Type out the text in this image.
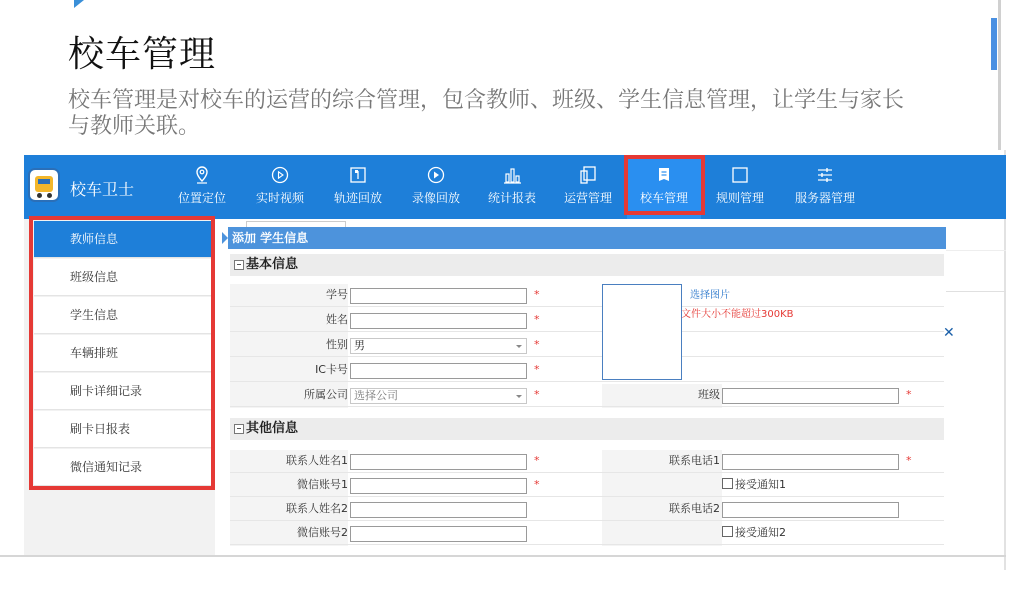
校车管理
校车管理是对校车的运营的综合管理，包含教师、班级、学生信息管理，让学生与家长与教师关联。
校车卫士	位置定位	实时视频	轨迹回放	录像回放	统计报表	运营管理	校车管理	规则管理	服务器管理
教师信息
班级信息
学生信息
车辆排班
刷卡详细记录
刷卡日报表
微信通知记录
✕
添加 学生信息
基本信息
学号	*
姓名	*
性别 男	*
IC卡号	*
所属公司 选择公司	*	班级	*
选择图片
文件大小不能超过300KB
其他信息
联系人姓名1	*	联系电话1	*
微信账号1	*	接受通知1
联系人姓名2	联系电话2
微信账号2	接受通知2
